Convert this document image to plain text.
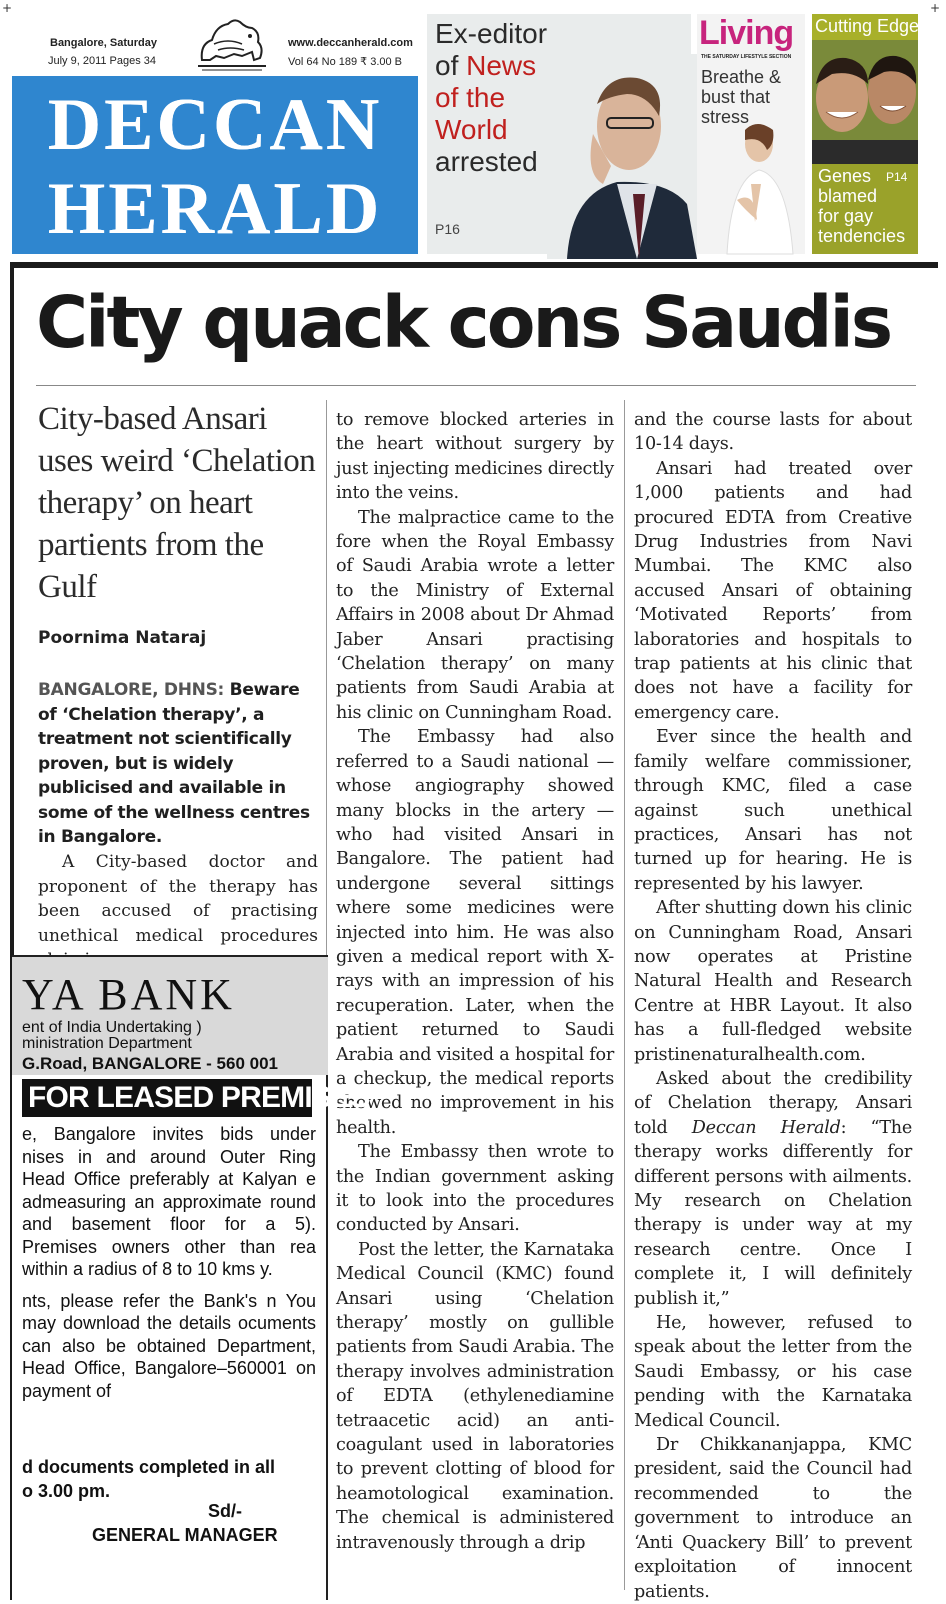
+	+
Bangalore, Saturday
July 9, 2011 Pages 34
www.deccanherald.com
Vol 64 No 189 ₹ 3.00 B
DECCAN
HERALD
Ex-editor
of News
of the
World
arrested
P16
Living
THE SATURDAY LIFESTYLE SECTION
Breathe & bust that stress
Cutting Edge
P14
Genes blamed for gay tendencies
City quack cons Saudis
City-based Ansari uses weird ‘Chelation therapy’ on heart partients from the Gulf
Poornima Nataraj
BANGALORE, DHNS: Beware of ‘Chelation therapy’, a treatment not scientifically proven, but is widely publicised and available in some of the wellness centres in Bangalore.

A City-based doctor and proponent of the therapy has been accused of practising unethical medical procedures

to remove blocked arteries in the heart without surgery by just injecting medicines directly into the veins.

The malpractice came to the fore when the Royal Embassy of Saudi Arabia wrote a letter to the Ministry of External Affairs in 2008 about Dr Ahmad Jaber Ansari practising ‘Chelation therapy’ on many patients from Saudi Arabia at his clinic on Cunningham Road.

The Embassy had also referred to a Saudi national — whose angiography showed many blocks in the artery — who had visited Ansari in Bangalore. The patient had undergone several sittings where some medicines were injected into him. He was also given a medical report with X-rays with an impression of his recuperation. Later, when the patient returned to Saudi Arabia and visited a hospital for a checkup, the medical reports showed no improvement in his health.

The Embassy then wrote to the Indian government asking it to look into the procedures conducted by Ansari.

Post the letter, the Karnataka Medical Council (KMC) found Ansari using ‘Chelation therapy’ mostly on gullible patients from Saudi Arabia. The therapy involves administration of EDTA (ethylenediamine tetraacetic acid) an anti-coagulant used in laboratories to prevent clotting of blood for heamotological examination. The chemical is administered intravenously through a drip

and the course lasts for about 10-14 days.

Ansari had treated over 1,000 patients and had procured EDTA from Creative Drug Industries from Navi Mumbai. The KMC also accused Ansari of obtaining ‘Motivated Reports’ from laboratories and hospitals to trap patients at his clinic that does not have a facility for emergency care.

Ever since the health and family welfare commissioner, through KMC, filed a case against such unethical practices, Ansari has not turned up for hearing. He is represented by his lawyer.

After shutting down his clinic on Cunningham Road, Ansari now operates at Pristine Natural Health and Research Centre at HBR Layout. It also has a full-fledged website pristinenaturalhealth.com.

Asked about the credibility of Chelation therapy, Ansari told Deccan Herald: “The therapy works differently for different persons with ailments. My research on Chelation therapy is under way at my research centre. Once I complete it, I will definitely publish it,”

He, however, refused to speak about the letter from the Saudi Embassy, or his case pending with the Karnataka Medical Council.

Dr Chikkananjappa, KMC president, said the Council had recommended to the government to introduce an ‘Anti Quackery Bill’ to prevent exploitation of innocent patients.

YA BANK
ent of India Undertaking )
ministration Department
G.Road, BANGALORE - 560 001
FOR LEASED PREMISES

e, Bangalore invites bids under nises in and around Outer Ring Head Office preferably at Kalyan e admeasuring an approximate round and basement floor for a 5). Premises owners other than rea within a radius of 8 to 10 kms y.

nts, please refer the Bank's n You may download the details ocuments can also be obtained Department, Head Office, Bangalore–560001 on payment of

d documents completed in all
o 3.00 pm.
Sd/-
GENERAL MANAGER
